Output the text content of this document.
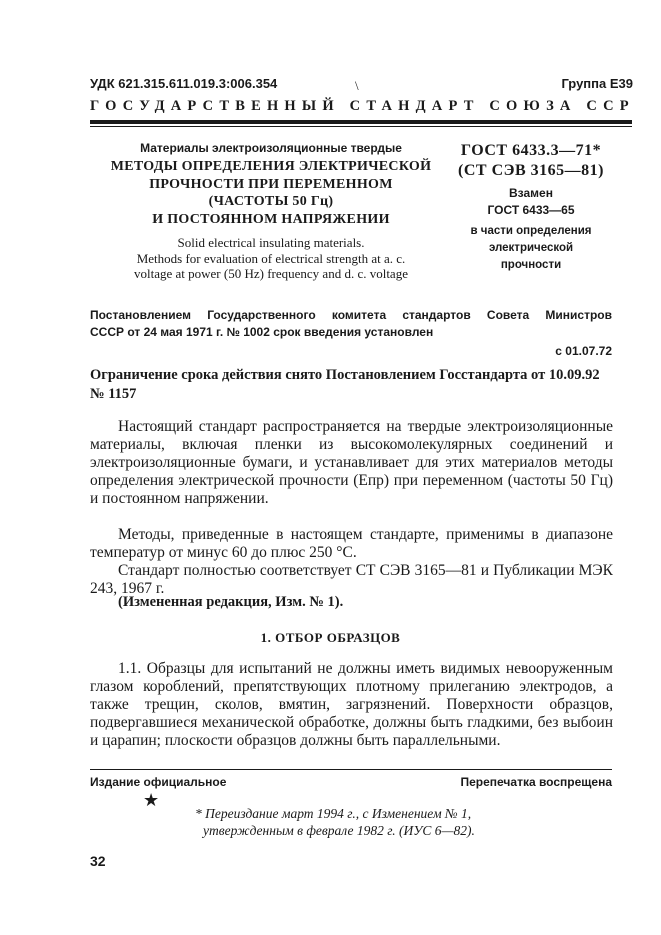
УДК 621.315.611.019.3:006.354	\	Группа Е39
ГОСУДАРСТВЕННЫЙ СТАНДАРТ СОЮЗА ССР
Материалы электроизоляционные твердые
МЕТОДЫ ОПРЕДЕЛЕНИЯ ЭЛЕКТРИЧЕСКОЙ
ПРОЧНОСТИ ПРИ ПЕРЕМЕННОМ
(ЧАСТОТЫ 50 Гц)
И ПОСТОЯННОМ НАПРЯЖЕНИИ
Solid electrical insulating materials.
Methods for evaluation of electrical strength at a. c.
voltage at power (50 Hz) frequency and d. c. voltage
ГОСТ 6433.3—71*
(СТ СЭВ 3165—81)
Взамен
ГОСТ 6433—65
в части определения
электрической
прочности
Постановлением Государственного комитета стандартов Совета Министров
СССР от 24 мая 1971 г. № 1002 срок введения установлен
с 01.07.72
Ограничение срока действия снято Постановлением Госстандарта от 10.09.92 № 1157
Настоящий стандарт распространяется на твердые электроизоляционные материалы, включая пленки из высокомолекулярных соединений и электроизоляционные бумаги, и устанавливает для этих материалов методы определения электрической прочности (Eпр) при переменном (частоты 50 Гц) и постоянном напряжении.
Методы, приведенные в настоящем стандарте, применимы в диапазоне температур от минус 60 до плюс 250 °С.
Стандарт полностью соответствует СТ СЭВ 3165—81 и Публикации МЭК 243, 1967 г.
(Измененная редакция, Изм. № 1).
1. ОТБОР ОБРАЗЦОВ
1.1. Образцы для испытаний не должны иметь видимых невооруженным глазом короблений, препятствующих плотному прилеганию электродов, а также трещин, сколов, вмятин, загрязнений. Поверхности образцов, подвергавшиеся механической обработке, должны быть гладкими, без выбоин и царапин; плоскости образцов должны быть параллельными.
Издание официальное	Перепечатка воспрещена
★
* Переиздание март 1994 г., с Изменением № 1,
утвержденным в феврале 1982 г. (ИУС 6—82).
32
